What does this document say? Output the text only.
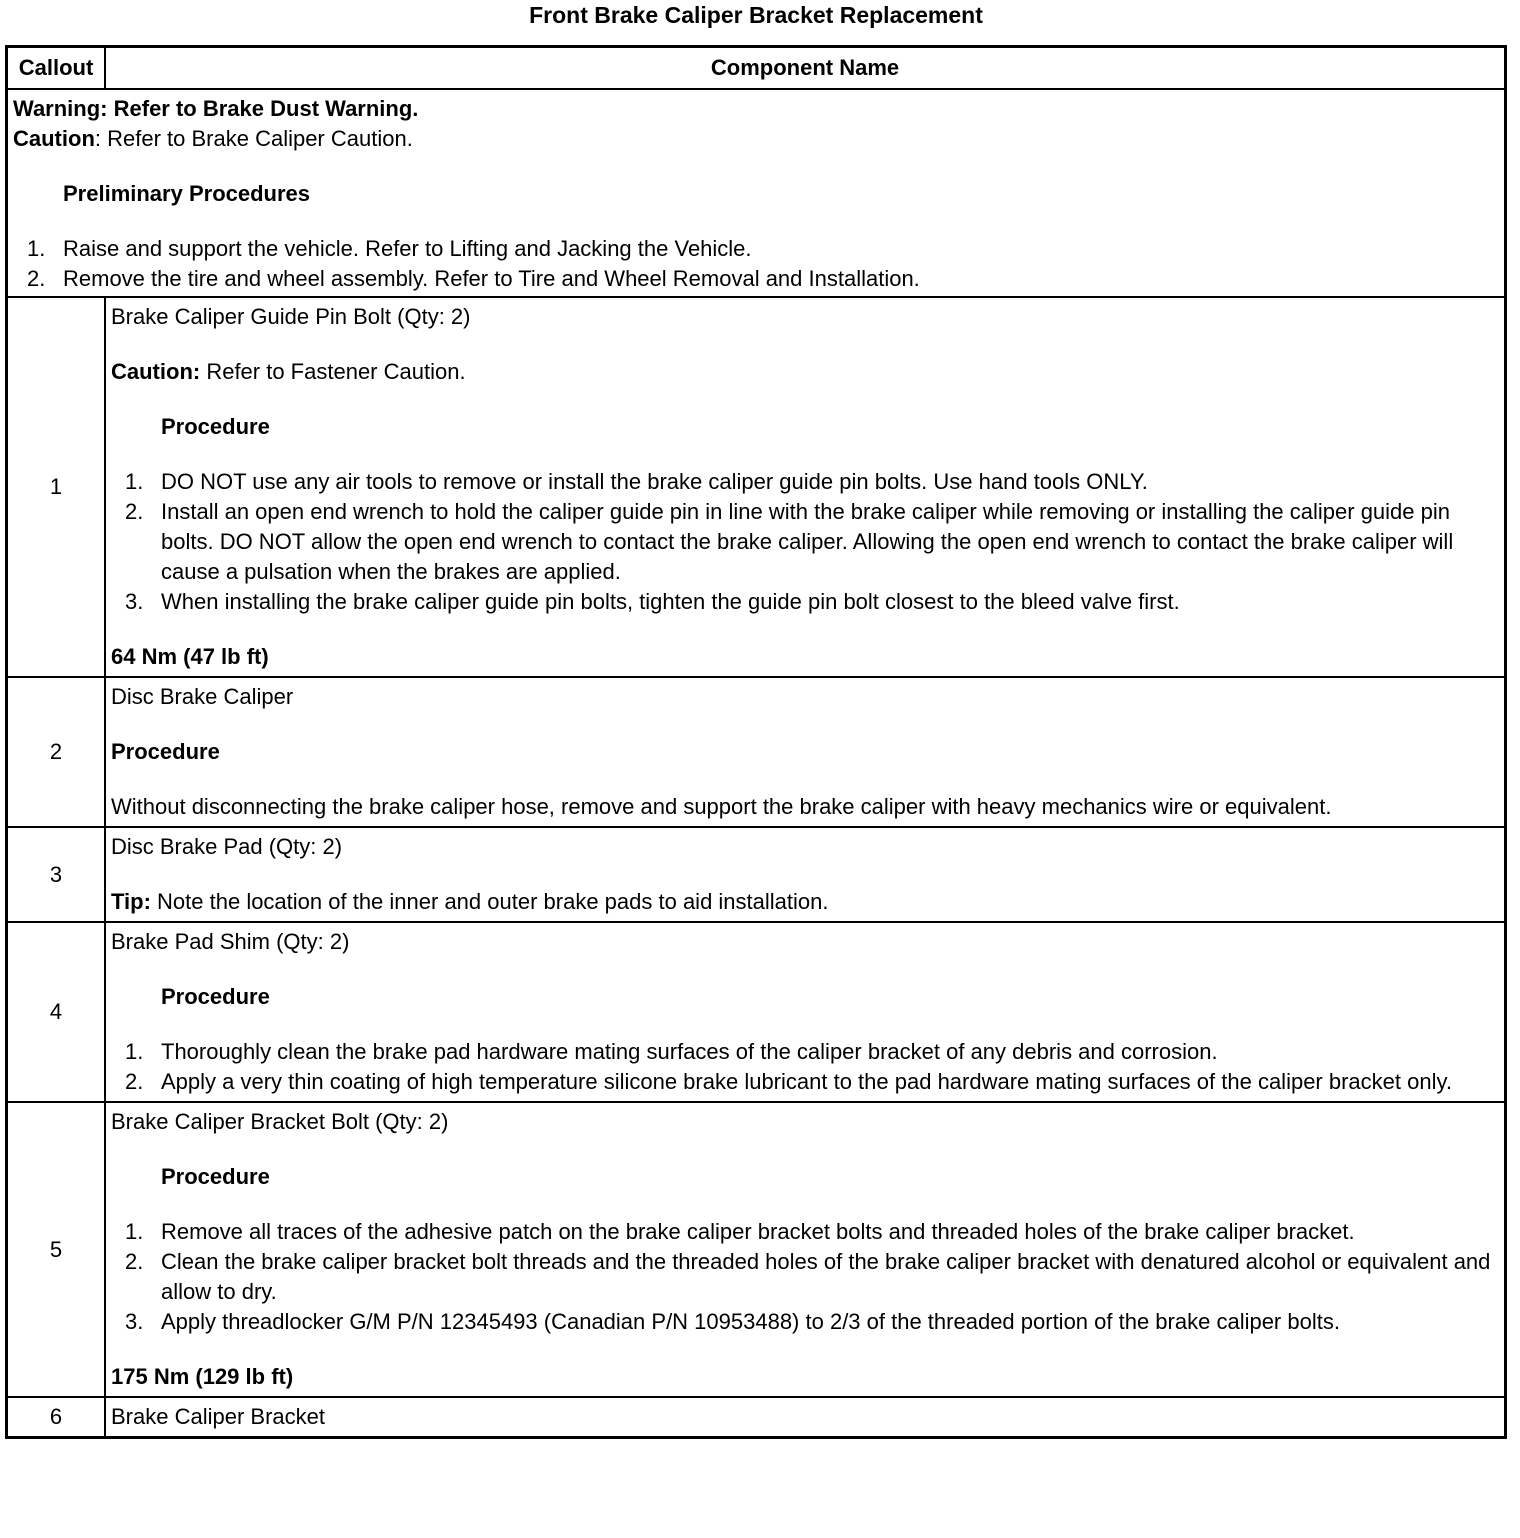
Front Brake Caliper Bracket Replacement
Callout	Component Name
Warning: Refer to Brake Dust Warning.
Caution: Refer to Brake Caliper Caution.
Preliminary Procedures
1. Raise and support the vehicle. Refer to Lifting and Jacking the Vehicle.
2. Remove the tire and wheel assembly. Refer to Tire and Wheel Removal and Installation.
1
Brake Caliper Guide Pin Bolt (Qty: 2)
Caution: Refer to Fastener Caution.
Procedure
1. DO NOT use any air tools to remove or install the brake caliper guide pin bolts. Use hand tools ONLY.
2. Install an open end wrench to hold the caliper guide pin in line with the brake caliper while removing or installing the caliper guide pin bolts. DO NOT allow the open end wrench to contact the brake caliper. Allowing the open end wrench to contact the brake caliper will cause a pulsation when the brakes are applied.
3. When installing the brake caliper guide pin bolts, tighten the guide pin bolt closest to the bleed valve first.
64 Nm (47 lb ft)
2
Disc Brake Caliper
Procedure
Without disconnecting the brake caliper hose, remove and support the brake caliper with heavy mechanics wire or equivalent.
3
Disc Brake Pad (Qty: 2)
Tip: Note the location of the inner and outer brake pads to aid installation.
4
Brake Pad Shim (Qty: 2)
Procedure
1. Thoroughly clean the brake pad hardware mating surfaces of the caliper bracket of any debris and corrosion.
2. Apply a very thin coating of high temperature silicone brake lubricant to the pad hardware mating surfaces of the caliper bracket only.
5
Brake Caliper Bracket Bolt (Qty: 2)
Procedure
1. Remove all traces of the adhesive patch on the brake caliper bracket bolts and threaded holes of the brake caliper bracket.
2. Clean the brake caliper bracket bolt threads and the threaded holes of the brake caliper bracket with denatured alcohol or equivalent and allow to dry.
3. Apply threadlocker G/M P/N 12345493 (Canadian P/N 10953488) to 2/3 of the threaded portion of the brake caliper bolts.
175 Nm (129 lb ft)
6	Brake Caliper Bracket
